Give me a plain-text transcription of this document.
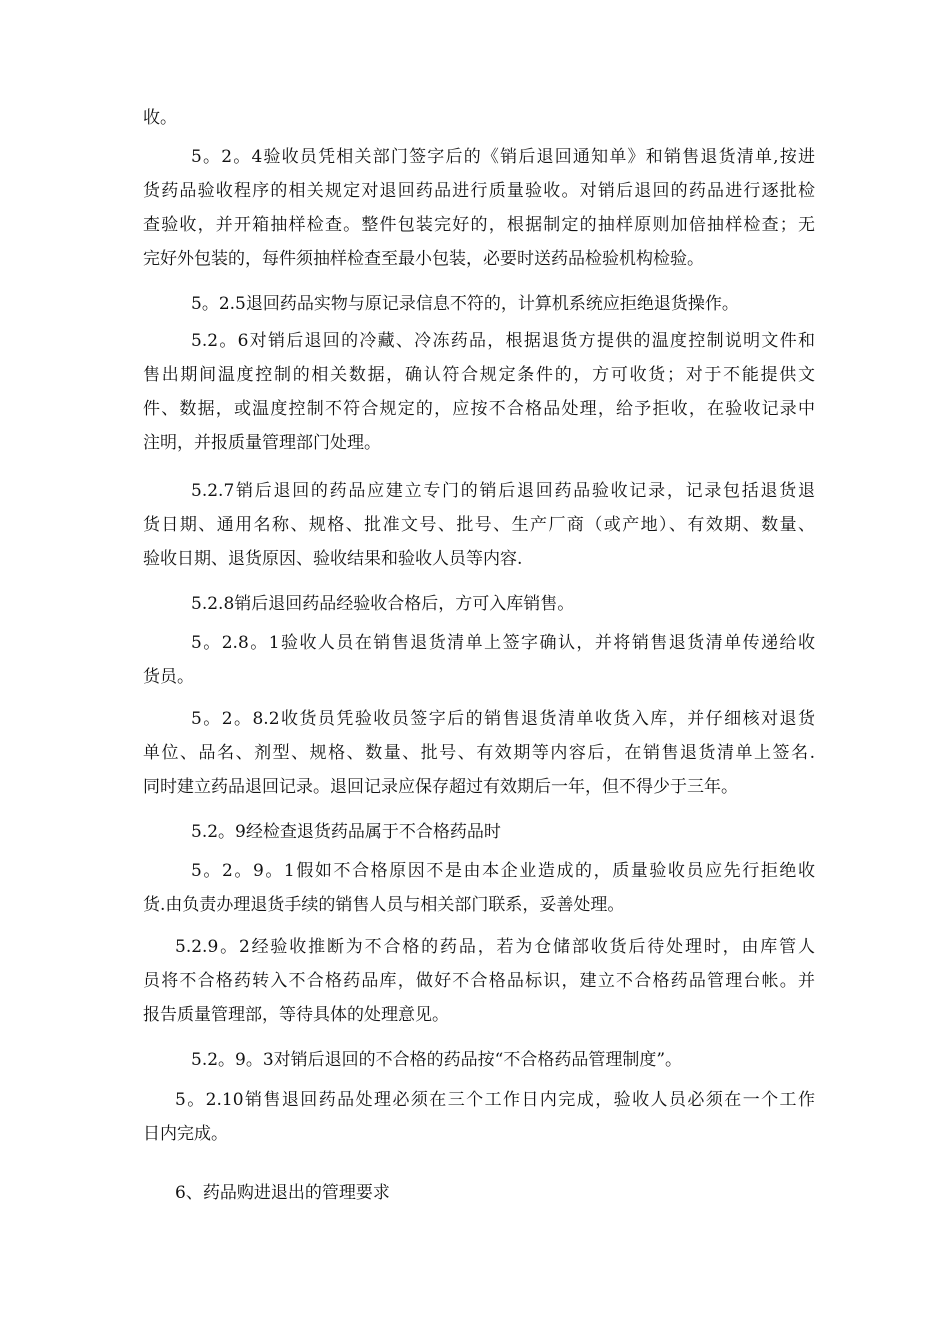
收。

5。2。4验收员凭相关部门签字后的《销后退回通知单》和销售退货清单,按进
货药品验收程序的相关规定对退回药品进行质量验收。对销后退回的药品进行逐批检
查验收，并开箱抽样检查。整件包装完好的，根据制定的抽样原则加倍抽样检查；无
完好外包装的，每件须抽样检查至最小包装，必要时送药品检验机构检验。

5。2.5退回药品实物与原记录信息不符的，计算机系统应拒绝退货操作。

5.2。6对销后退回的冷藏、冷冻药品，根据退货方提供的温度控制说明文件和
售出期间温度控制的相关数据，确认符合规定条件的，方可收货；对于不能提供文
件、数据，或温度控制不符合规定的，应按不合格品处理，给予拒收，在验收记录中
注明，并报质量管理部门处理。

5.2.7销后退回的药品应建立专门的销后退回药品验收记录，记录包括退货退
货日期、通用名称、规格、批准文号、批号、生产厂商（或产地）、有效期、数量、
验收日期、退货原因、验收结果和验收人员等内容.

5.2.8销后退回药品经验收合格后，方可入库销售。

5。2.8。1验收人员在销售退货清单上签字确认，并将销售退货清单传递给收
货员。

5。2。8.2收货员凭验收员签字后的销售退货清单收货入库，并仔细核对退货
单位、品名、剂型、规格、数量、批号、有效期等内容后，在销售退货清单上签名.
同时建立药品退回记录。退回记录应保存超过有效期后一年，但不得少于三年。

5.2。9经检查退货药品属于不合格药品时

5。2。9。1假如不合格原因不是由本企业造成的，质量验收员应先行拒绝收
货.由负责办理退货手续的销售人员与相关部门联系，妥善处理。

5.2.9。2经验收推断为不合格的药品，若为仓储部收货后待处理时，由库管人
员将不合格药转入不合格药品库，做好不合格品标识，建立不合格药品管理台帐。并
报告质量管理部，等待具体的处理意见。

5.2。9。3对销后退回的不合格的药品按“不合格药品管理制度”。

5。2.10销售退回药品处理必须在三个工作日内完成，验收人员必须在一个工作
日内完成。

6、药品购进退出的管理要求
